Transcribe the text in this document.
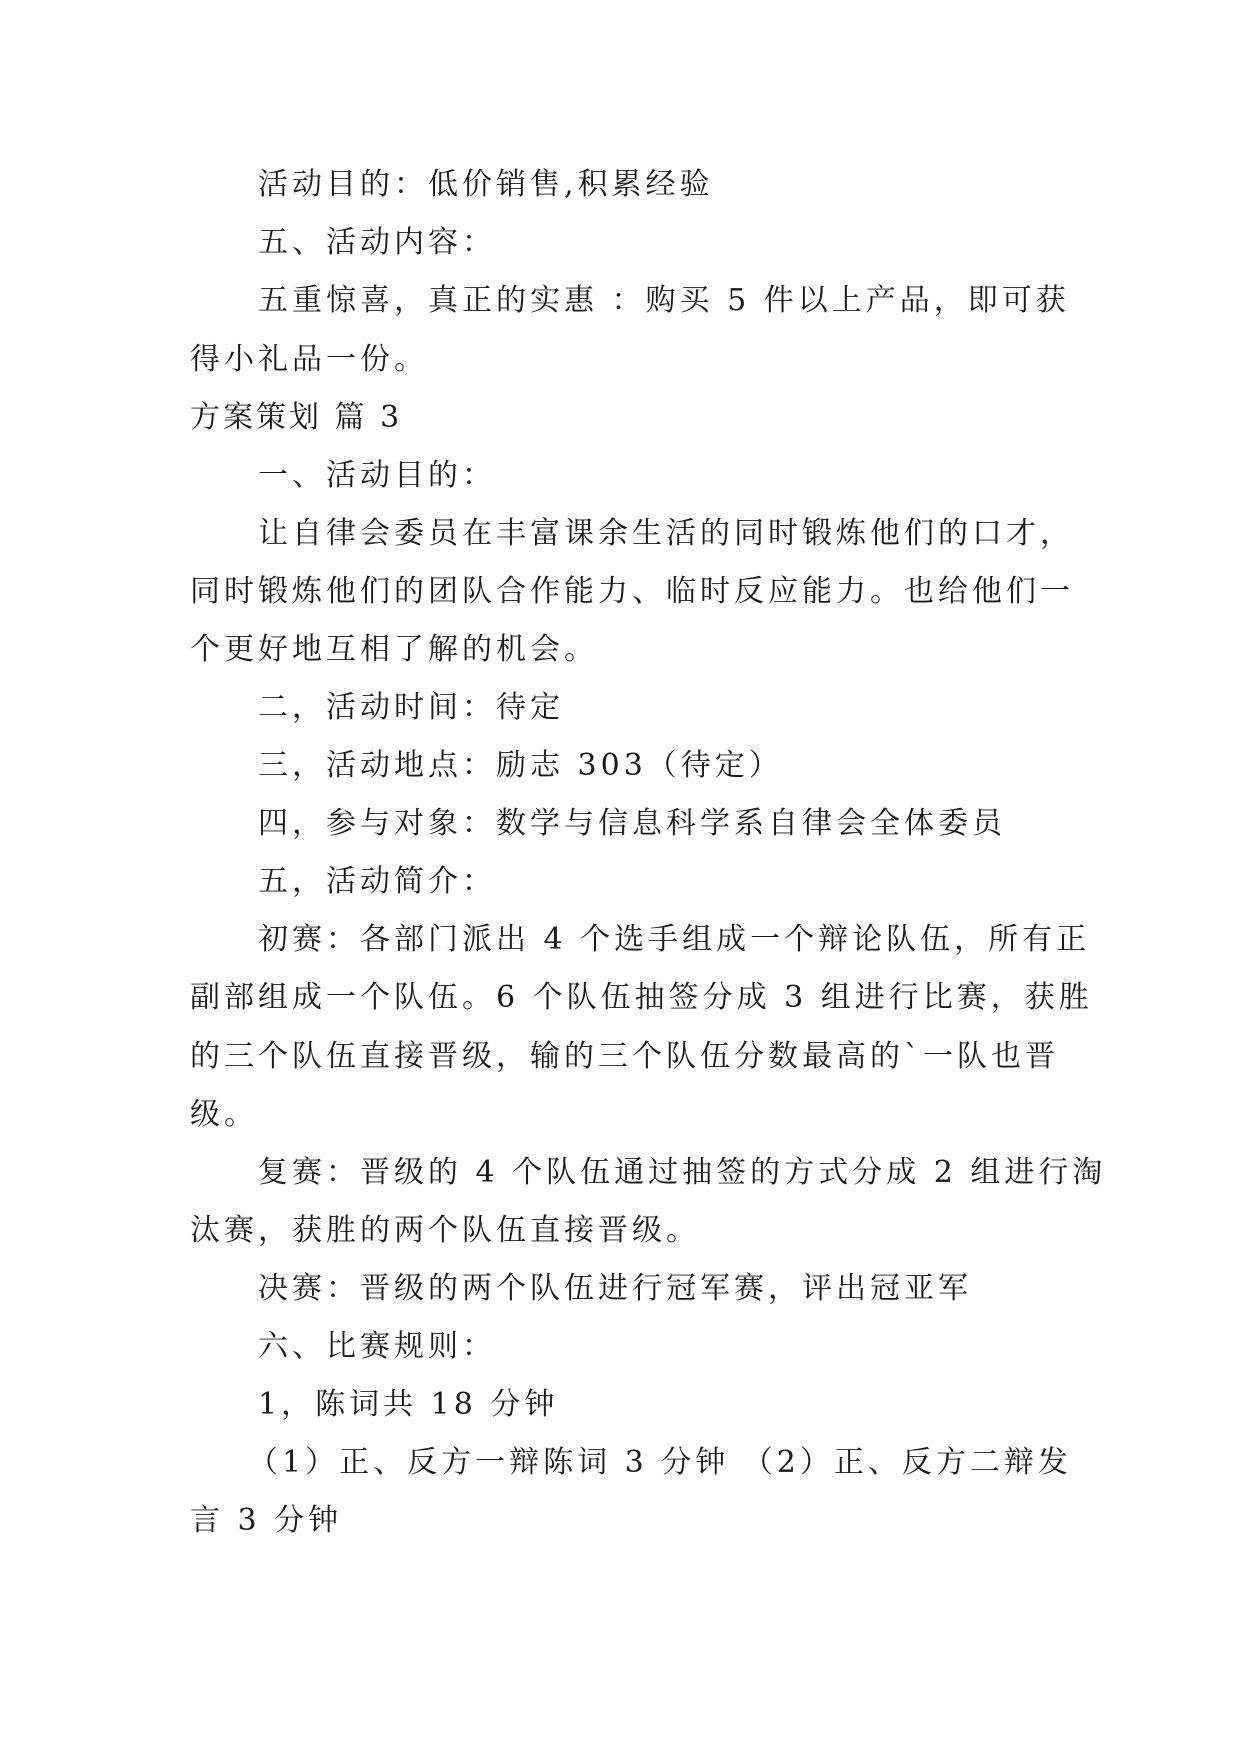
活动目的：低价销售,积累经验
五、活动内容：
五重惊喜，真正的实惠 ：购买 5 件以上产品，即可获
得小礼品一份。
方案策划 篇 3
一、活动目的：
让自律会委员在丰富课余生活的同时锻炼他们的口才，
同时锻炼他们的团队合作能力、临时反应能力。也给他们一
个更好地互相了解的机会。
二，活动时间：待定
三，活动地点：励志 303（待定）
四，参与对象：数学与信息科学系自律会全体委员
五，活动简介：
初赛：各部门派出 4 个选手组成一个辩论队伍，所有正
副部组成一个队伍。6 个队伍抽签分成 3 组进行比赛，获胜
的三个队伍直接晋级，输的三个队伍分数最高的`一队也晋
级。
复赛：晋级的 4 个队伍通过抽签的方式分成 2 组进行淘
汰赛，获胜的两个队伍直接晋级。
决赛：晋级的两个队伍进行冠军赛，评出冠亚军
六、比赛规则：
1，陈词共 18 分钟
（1）正、反方一辩陈词 3 分钟 （2）正、反方二辩发
言 3 分钟
